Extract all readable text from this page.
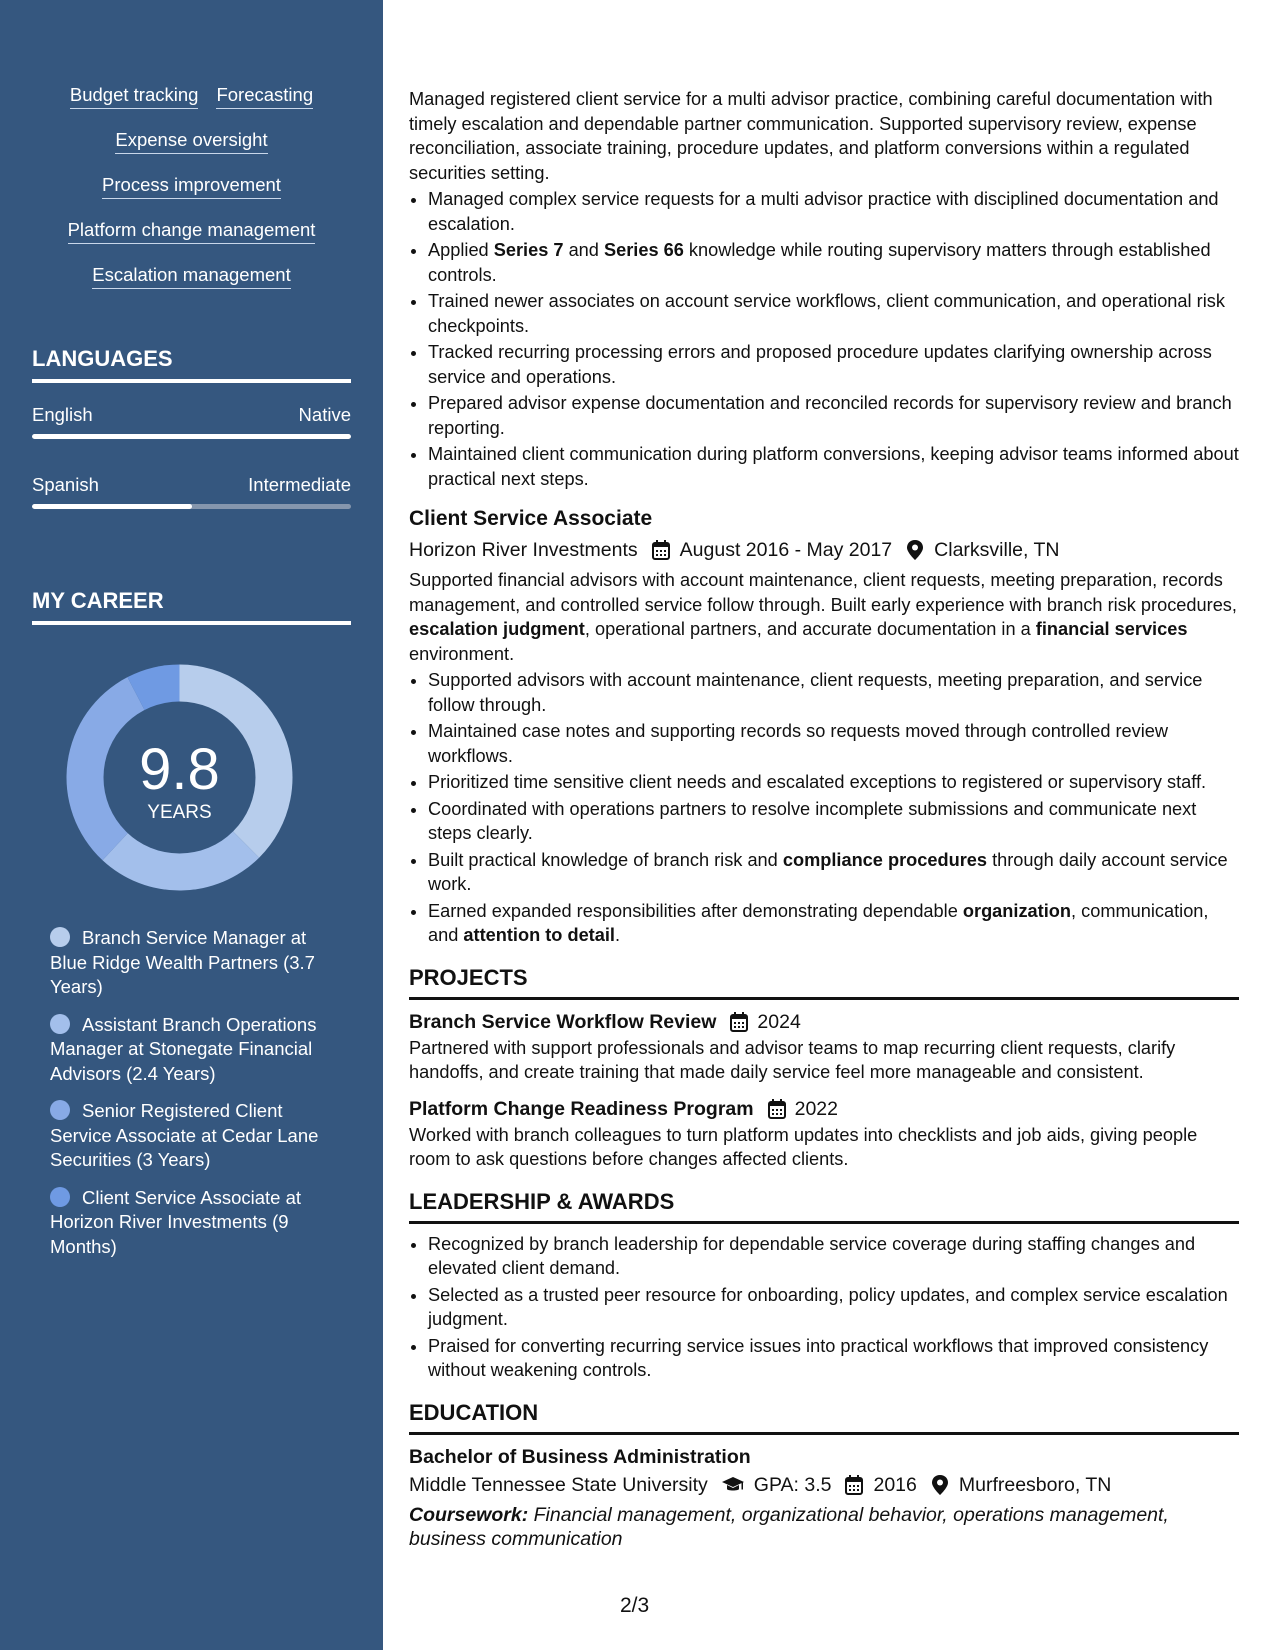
Budget tracking Forecasting
Expense oversight
Process improvement
Platform change management
Escalation management
LANGUAGES
English	Native
Spanish	Intermediate
MY CAREER
9.8
YEARS
Branch Service Manager at Blue Ridge Wealth Partners (3.7 Years)
Assistant Branch Operations Manager at Stonegate Financial Advisors (2.4 Years)
Senior Registered Client Service Associate at Cedar Lane Securities (3 Years)
Client Service Associate at Horizon River Investments (9 Months)

Managed registered client service for a multi advisor practice, combining careful documentation with timely escalation and dependable partner communication. Supported supervisory review, expense reconciliation, associate training, procedure updates, and platform conversions within a regulated securities setting.

• Managed complex service requests for a multi advisor practice with disciplined documentation and escalation.
• Applied Series 7 and Series 66 knowledge while routing supervisory matters through established controls.
• Trained newer associates on account service workflows, client communication, and operational risk checkpoints.
• Tracked recurring processing errors and proposed procedure updates clarifying ownership across service and operations.
• Prepared advisor expense documentation and reconciled records for supervisory review and branch reporting.
• Maintained client communication during platform conversions, keeping advisor teams informed about practical next steps.
Client Service Associate
Horizon River Investments August 2016 - May 2017 Clarksville, TN

Supported financial advisors with account maintenance, client requests, meeting preparation, records management, and controlled service follow through. Built early experience with branch risk procedures, escalation judgment, operational partners, and accurate documentation in a financial services environment.

• Supported advisors with account maintenance, client requests, meeting preparation, and service follow through.
• Maintained case notes and supporting records so requests moved through controlled review workflows.
• Prioritized time sensitive client needs and escalated exceptions to registered or supervisory staff.
• Coordinated with operations partners to resolve incomplete submissions and communicate next steps clearly.
• Built practical knowledge of branch risk and compliance procedures through daily account service work.
• Earned expanded responsibilities after demonstrating dependable organization, communication, and attention to detail.
PROJECTS
Branch Service Workflow Review 2024

Partnered with support professionals and advisor teams to map recurring client requests, clarify handoffs, and create training that made daily service feel more manageable and consistent.

Platform Change Readiness Program 2022

Worked with branch colleagues to turn platform updates into checklists and job aids, giving people room to ask questions before changes affected clients.

LEADERSHIP & AWARDS
• Recognized by branch leadership for dependable service coverage during staffing changes and elevated client demand.
• Selected as a trusted peer resource for onboarding, policy updates, and complex service escalation judgment.
• Praised for converting recurring service issues into practical workflows that improved consistency without weakening controls.
EDUCATION
Bachelor of Business Administration
Middle Tennessee State University GPA: 3.5 2016 Murfreesboro, TN
Coursework: Financial management, organizational behavior, operations management, business communication
2/3
